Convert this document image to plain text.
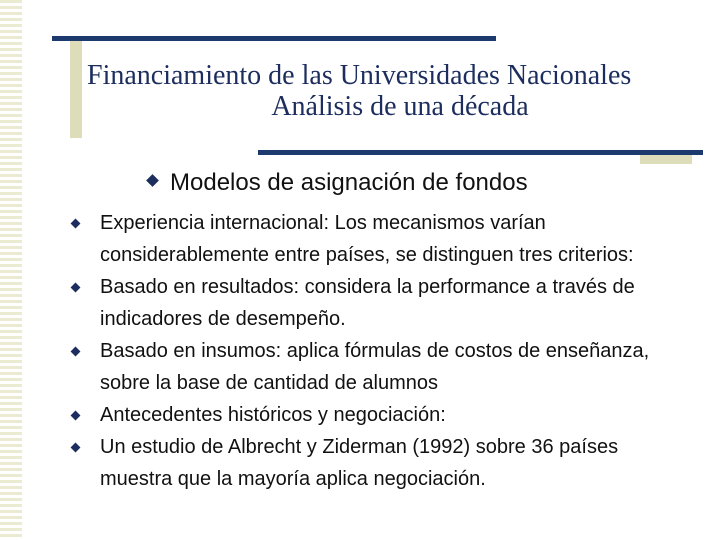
Financiamiento de las Universidades Nacionales
Análisis de una década
Modelos de asignación de fondos
Experiencia internacional: Los mecanismos varían considerablemente entre países, se distinguen tres criterios:
Basado en resultados: considera la performance a través de indicadores de desempeño.
Basado en insumos: aplica fórmulas de costos de enseñanza, sobre la base de cantidad de alumnos
Antecedentes históricos y negociación:
Un estudio de Albrecht y Ziderman (1992) sobre 36 países muestra que la mayoría aplica negociación.
